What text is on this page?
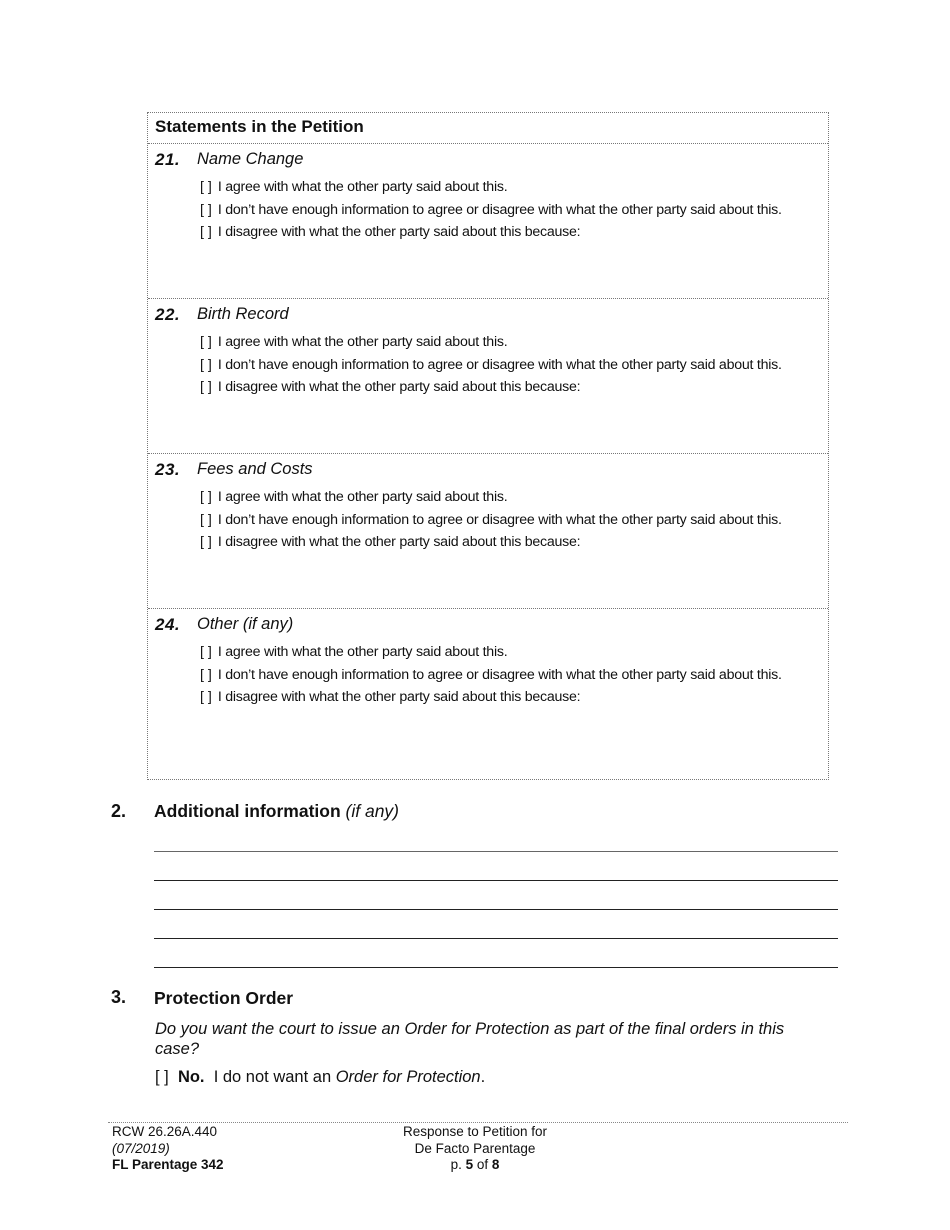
Statements in the Petition
21. Name Change
[ ] I agree with what the other party said about this.
[ ] I don’t have enough information to agree or disagree with what the other party said about this.
[ ] I disagree with what the other party said about this because:
22. Birth Record
[ ] I agree with what the other party said about this.
[ ] I don’t have enough information to agree or disagree with what the other party said about this.
[ ] I disagree with what the other party said about this because:
23. Fees and Costs
[ ] I agree with what the other party said about this.
[ ] I don’t have enough information to agree or disagree with what the other party said about this.
[ ] I disagree with what the other party said about this because:
24. Other (if any)
[ ] I agree with what the other party said about this.
[ ] I don’t have enough information to agree or disagree with what the other party said about this.
[ ] I disagree with what the other party said about this because:
2. Additional information (if any)
3. Protection Order
Do you want the court to issue an Order for Protection as part of the final orders in this case?
[ ] No. I do not want an Order for Protection.
RCW 26.26A.440
(07/2019)
FL Parentage 342
Response to Petition for
De Facto Parentage
p. 5 of 8
